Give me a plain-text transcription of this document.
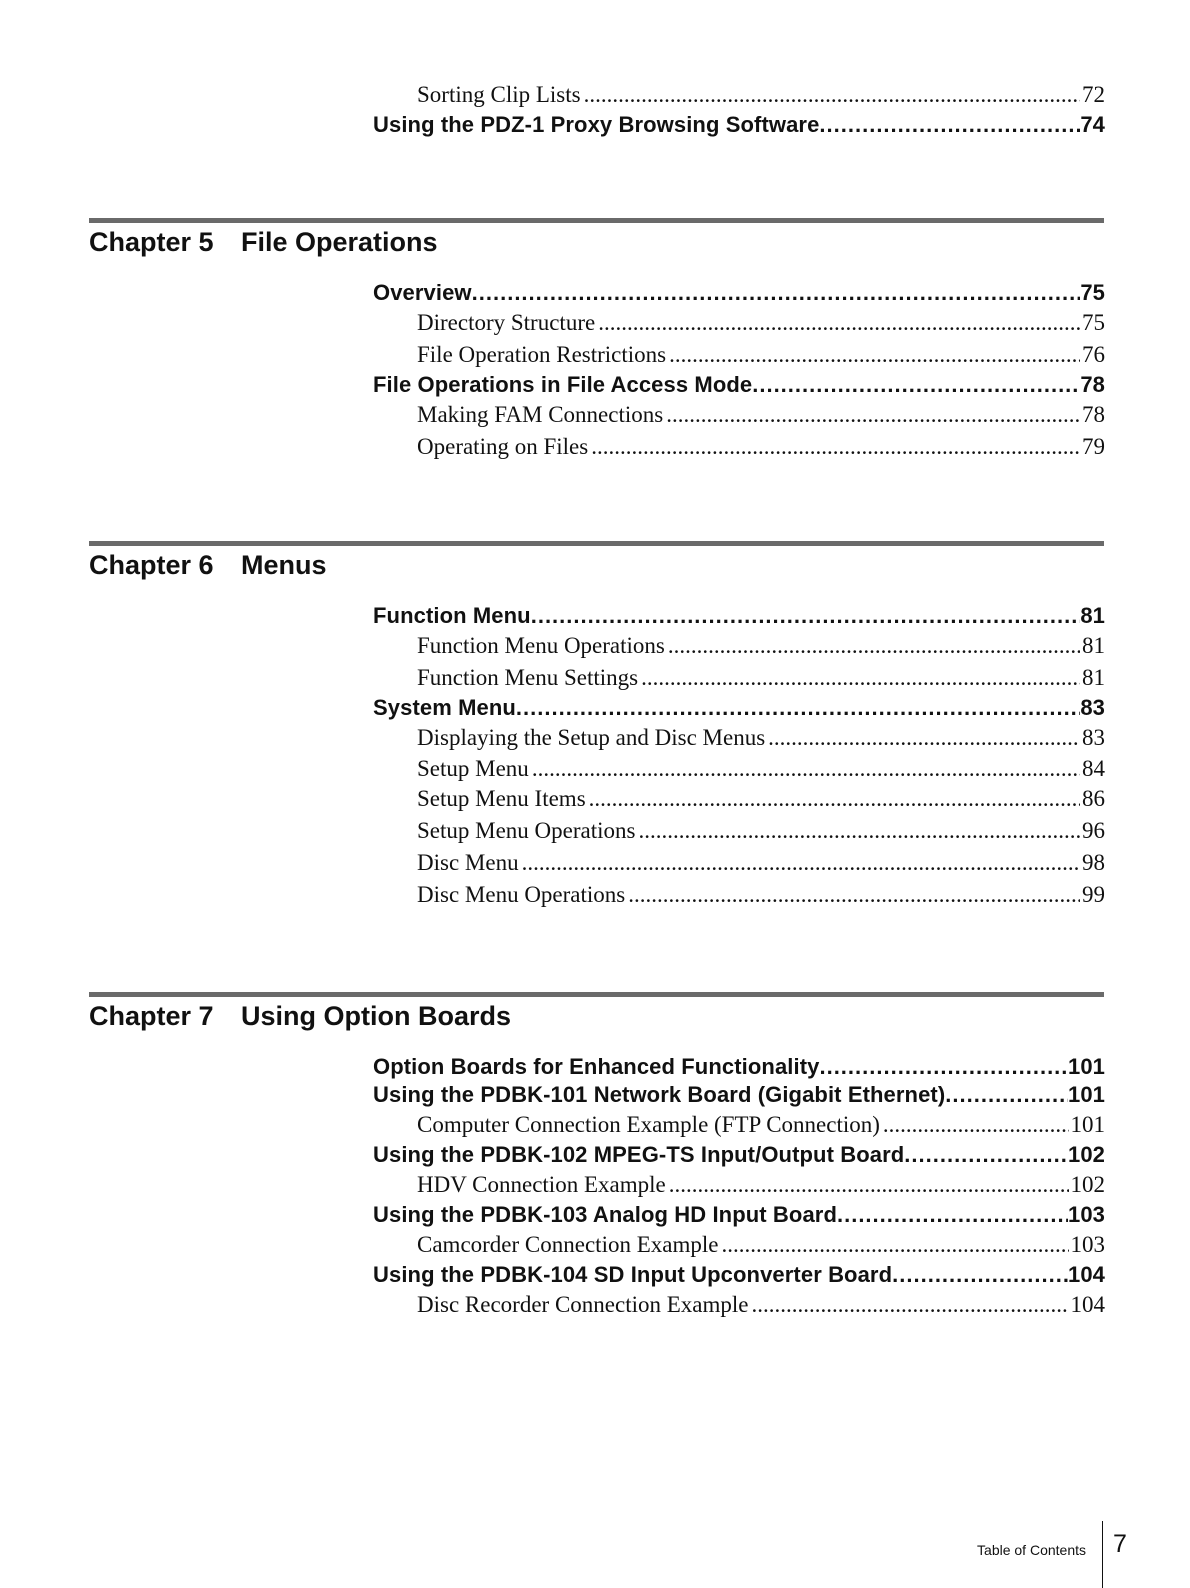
Sorting Clip Lists .....	72
Using the PDZ-1 Proxy Browsing Software .....	74
Chapter 5 File Operations
Overview .....	75
Directory Structure .....	75
File Operation Restrictions .....	76
File Operations in File Access Mode .....	78
Making FAM Connections .....	78
Operating on Files .....	79
Chapter 6 Menus
Function Menu .....	81
Function Menu Operations .....	81
Function Menu Settings .....	81
System Menu .....	83
Displaying the Setup and Disc Menus .....	83
Setup Menu .....	84
Setup Menu Items .....	86
Setup Menu Operations .....	96
Disc Menu .....	98
Disc Menu Operations .....	99
Chapter 7 Using Option Boards
Option Boards for Enhanced Functionality .....	101
Using the PDBK-101 Network Board (Gigabit Ethernet) .....	101
Computer Connection Example (FTP Connection) .....	101
Using the PDBK-102 MPEG-TS Input/Output Board .....	102
HDV Connection Example .....	102
Using the PDBK-103 Analog HD Input Board .....	103
Camcorder Connection Example .....	103
Using the PDBK-104 SD Input Upconverter Board .....	104
Disc Recorder Connection Example .....	104
Table of Contents 7
